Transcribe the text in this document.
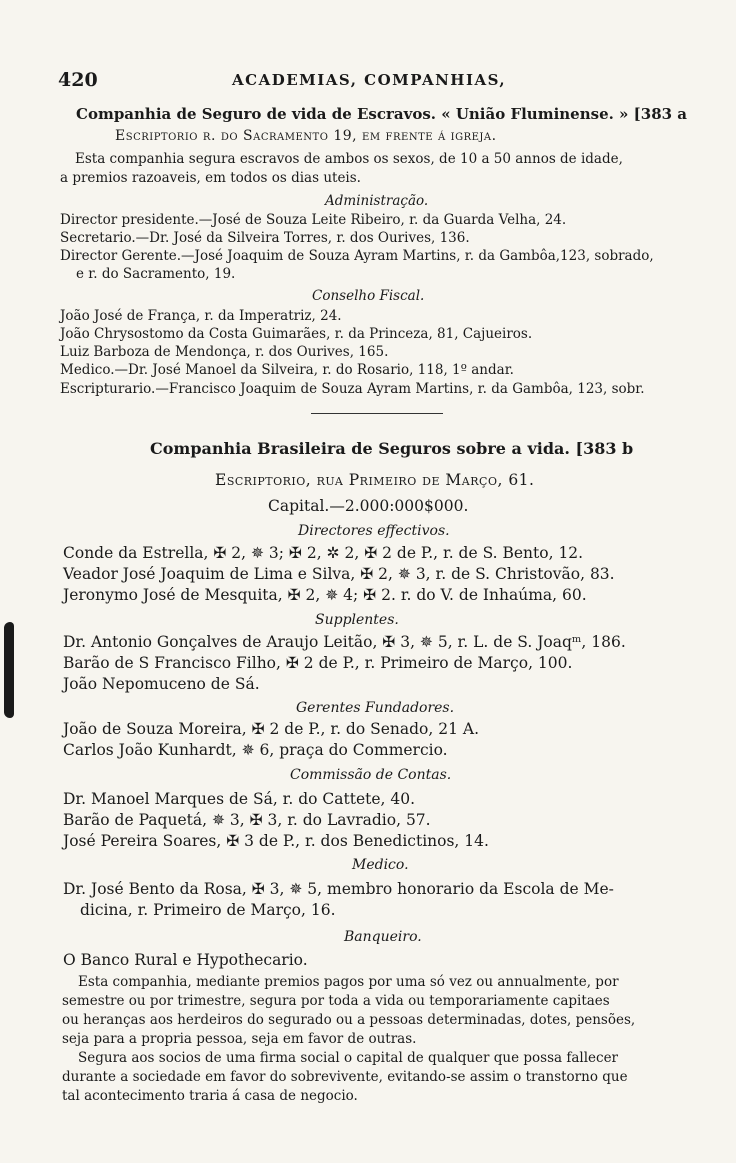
420	ACADEMIAS, COMPANHIAS,
Companhia de Seguro de vida de Escravos. « União Fluminense. » [383 a
Escriptorio r. do Sacramento 19, em frente á igreja.
Esta companhia segura escravos de ambos os sexos, de 10 a 50 annos de idade,
a premios razoaveis, em todos os dias uteis.
Administração.
Director presidente.—José de Souza Leite Ribeiro, r. da Guarda Velha, 24.
Secretario.—Dr. José da Silveira Torres, r. dos Ourives, 136.
Director Gerente.—José Joaquim de Souza Ayram Martins, r. da Gambôa,123, sobrado,
e r. do Sacramento, 19.
Conselho Fiscal.
João José de França, r. da Imperatriz, 24.
João Chrysostomo da Costa Guimarães, r. da Princeza, 81, Cajueiros.
Luiz Barboza de Mendonça, r. dos Ourives, 165.
Medico.—Dr. José Manoel da Silveira, r. do Rosario, 118, 1º andar.
Escripturario.—Francisco Joaquim de Souza Ayram Martins, r. da Gambôa, 123, sobr.
Companhia Brasileira de Seguros sobre a vida. [383 b
Escriptorio, rua Primeiro de Março, 61.
Capital.—2.000:000$000.
Directores effectivos.
Conde da Estrella, ✠ 2, ✵ 3; ✠ 2, ✲ 2, ✠ 2 de P., r. de S. Bento, 12.
Veador José Joaquim de Lima e Silva, ✠ 2, ✵ 3, r. de S. Christovão, 83.
Jeronymo José de Mesquita, ✠ 2, ✵ 4; ✠ 2. r. do V. de Inhaúma, 60.
Supplentes.
Dr. Antonio Gonçalves de Araujo Leitão, ✠ 3, ✵ 5, r. L. de S. Joaqᵐ, 186.
Barão de S Francisco Filho, ✠ 2 de P., r. Primeiro de Março, 100.
João Nepomuceno de Sá.
Gerentes Fundadores.
João de Souza Moreira, ✠ 2 de P., r. do Senado, 21 A.
Carlos João Kunhardt, ✵ 6, praça do Commercio.
Commissão de Contas.
Dr. Manoel Marques de Sá, r. do Cattete, 40.
Barão de Paquetá, ✵ 3, ✠ 3, r. do Lavradio, 57.
José Pereira Soares, ✠ 3 de P., r. dos Benedictinos, 14.
Medico.
Dr. José Bento da Rosa, ✠ 3, ✵ 5, membro honorario da Escola de Me-
dicina, r. Primeiro de Março, 16.
Banqueiro.
O Banco Rural e Hypothecario.
Esta companhia, mediante premios pagos por uma só vez ou annualmente, por
semestre ou por trimestre, segura por toda a vida ou temporariamente capitaes
ou heranças aos herdeiros do segurado ou a pessoas determinadas, dotes, pensões,
seja para a propria pessoa, seja em favor de outras.
Segura aos socios de uma firma social o capital de qualquer que possa fallecer
durante a sociedade em favor do sobrevivente, evitando-se assim o transtorno que
tal acontecimento traria á casa de negocio.
